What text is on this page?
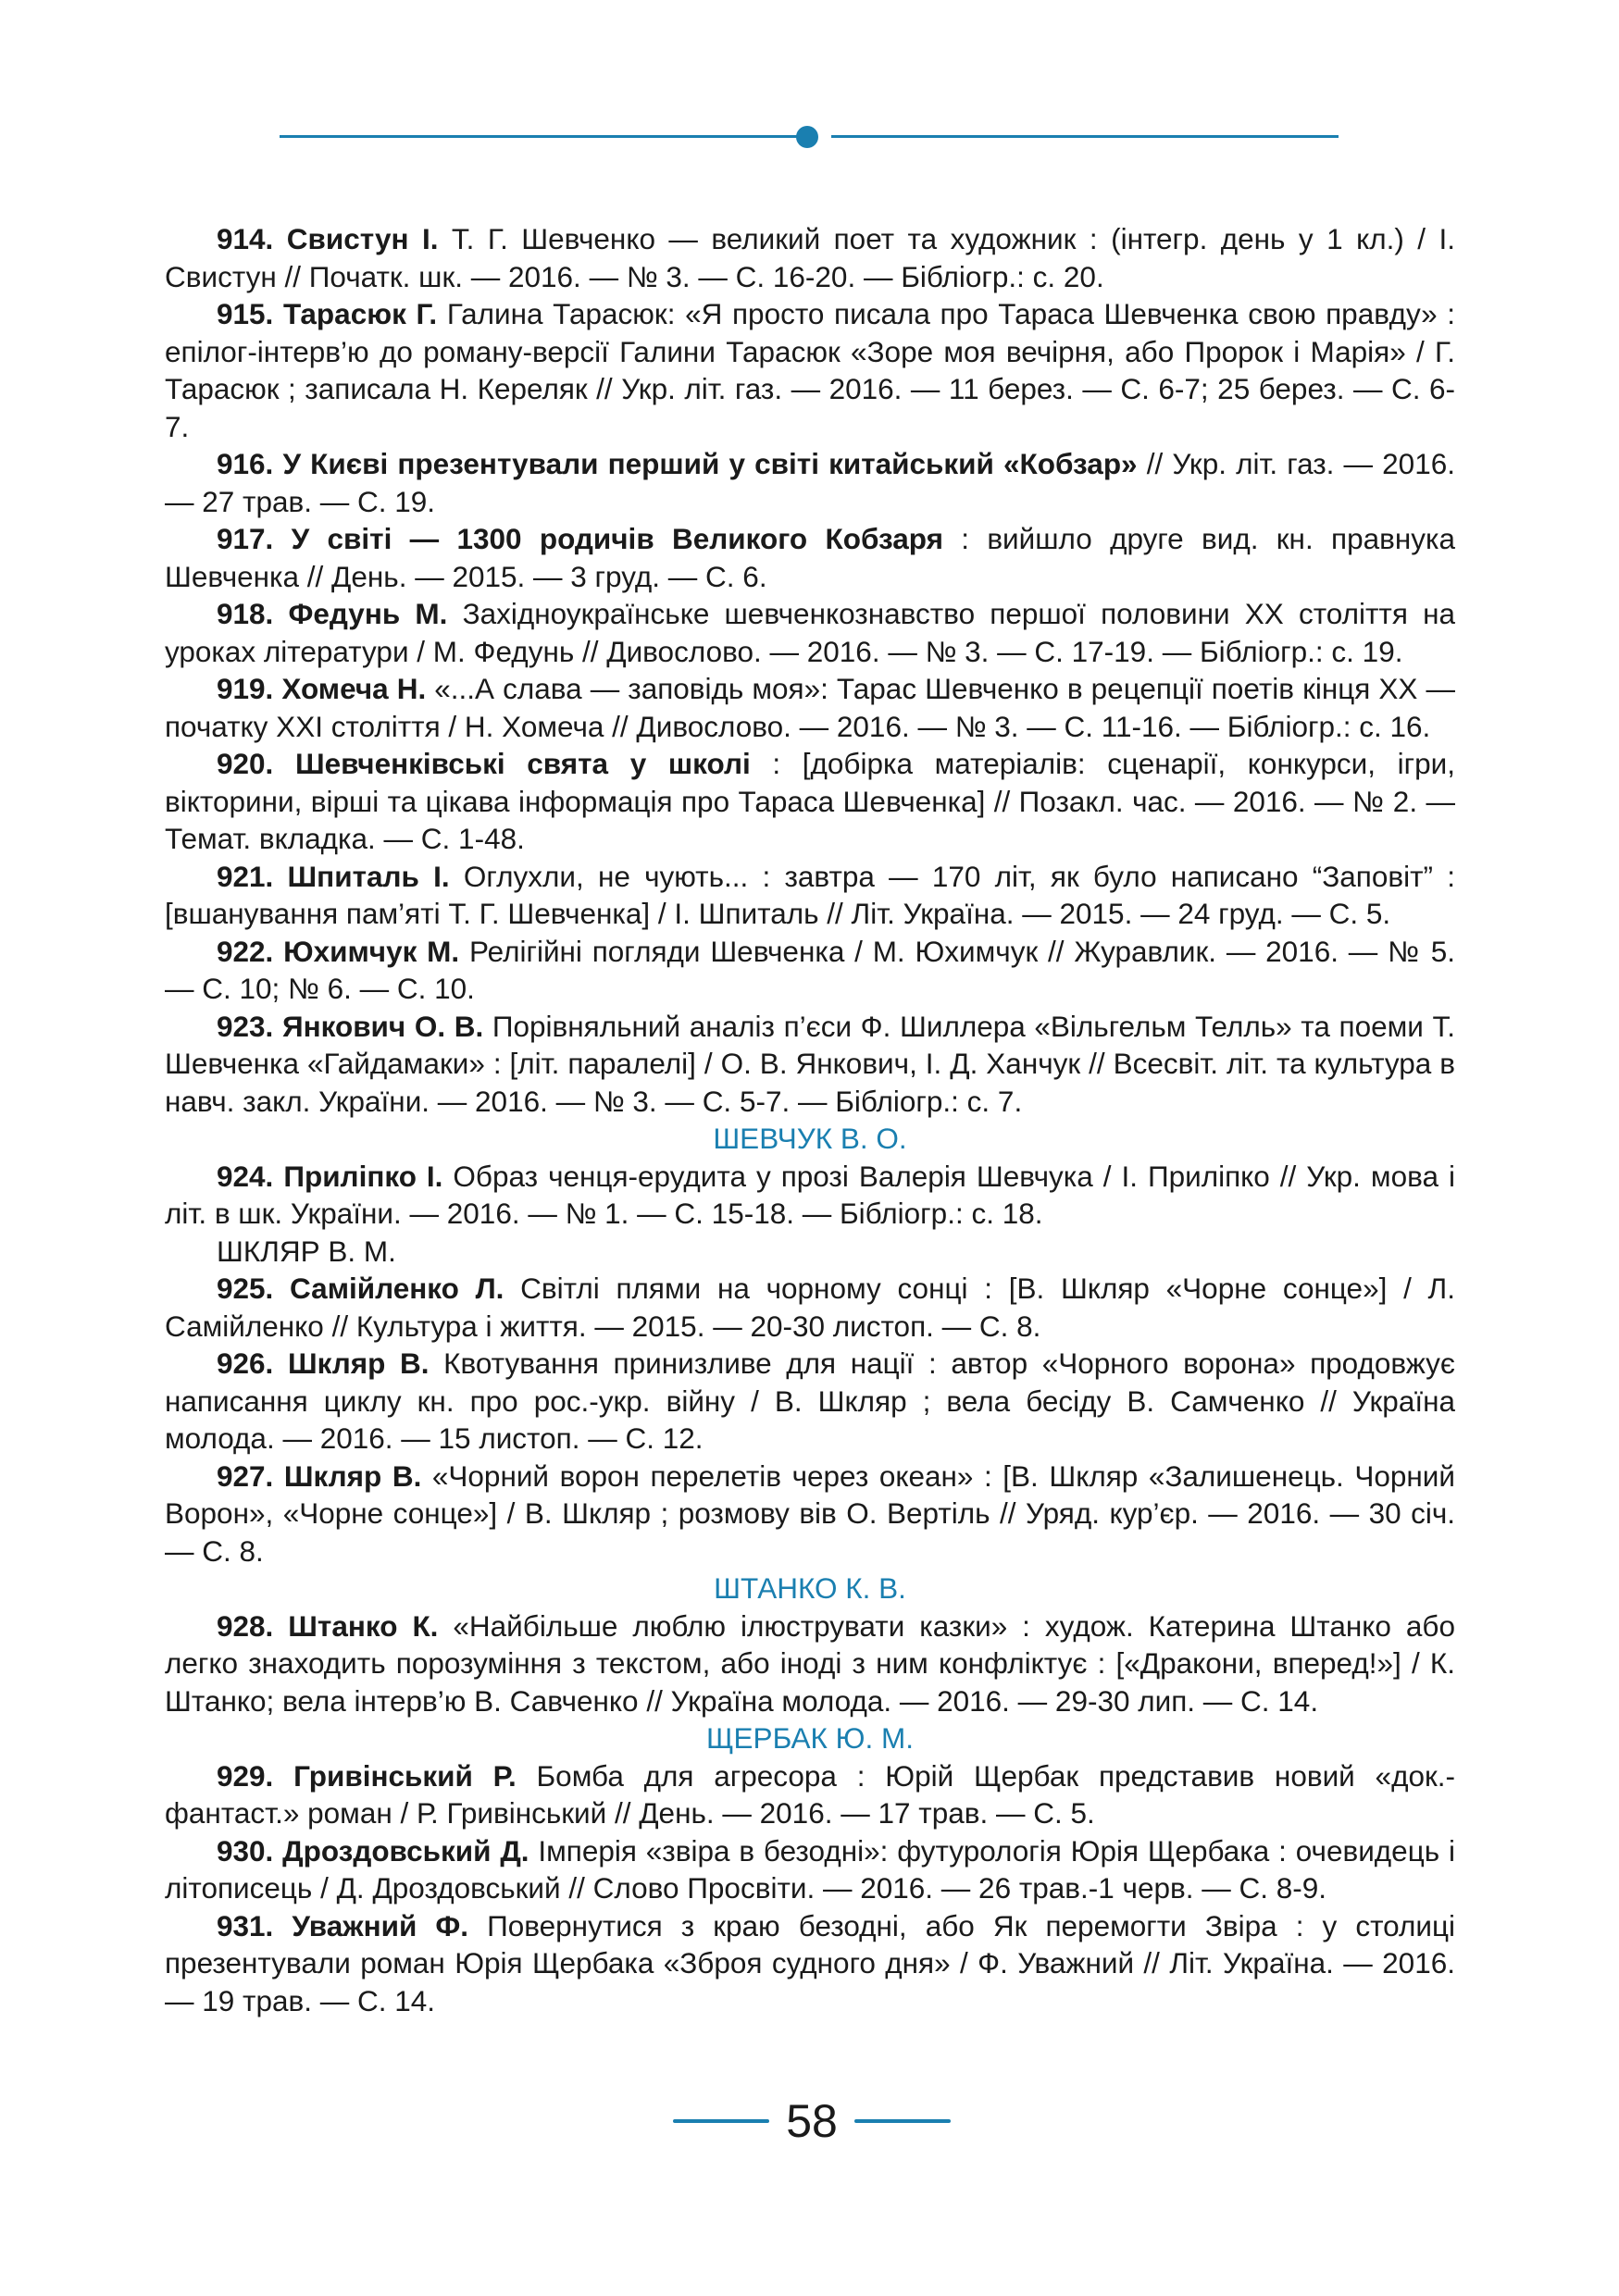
914. Свистун І. Т. Г. Шевченко — великий поет та художник : (інтегр. день у 1 кл.) / І. Свистун // Початк. шк. — 2016. — № 3. — С. 16-20. — Бібліогр.: с. 20.

915. Тарасюк Г. Галина Тарасюк: «Я просто писала про Тараса Шевченка свою правду» : епілог-інтерв’ю до роману-версії Галини Тарасюк «Зоре моя вечірня, або Пророк і Марія» / Г. Тарасюк ; записала Н. Кереляк // Укр. літ. газ. — 2016. — 11 берез. — С. 6-7; 25 берез. — С. 6-7.

916. У Києві презентували перший у світі китайський «Кобзар» // Укр. літ. газ. — 2016. — 27 трав. — С. 19.

917. У світі — 1300 родичів Великого Кобзаря : вийшло друге вид. кн. правнука Шевченка // День. — 2015. — 3 груд. — С. 6.

918. Федунь М. Західноукраїнське шевченкознавство першої половини XX століття на уроках літератури / М. Федунь // Дивослово. — 2016. — № 3. — С. 17-19. — Бібліогр.: с. 19.

919. Хомеча Н. «...А слава — заповідь моя»: Тарас Шевченко в рецепції поетів кінця XX — початку XXI століття / Н. Хомеча // Дивослово. — 2016. — № 3. — С. 11-16. — Бібліогр.: с. 16.

920. Шевченківські свята у школі : [добірка матеріалів: сценарії, конкурси, ігри, вікторини, вірші та цікава інформація про Тараса Шевченка] // Позакл. час. — 2016. — № 2. — Темат. вкладка. — С. 1-48.

921. Шпиталь І. Оглухли, не чують... : завтра — 170 літ, як було написано “Заповіт” : [вшанування пам’яті Т. Г. Шевченка] / І. Шпиталь // Літ. Україна. — 2015. — 24 груд. — С. 5.

922. Юхимчук М. Релігійні погляди Шевченка / М. Юхимчук // Журавлик. — 2016. — № 5. — С. 10; № 6. — С. 10.

923. Янкович О. В. Порівняльний аналіз п’єси Ф. Шиллера «Вільгельм Телль» та поеми Т. Шевченка «Гайдамаки» : [літ. паралелі] / О. В. Янкович, І. Д. Ханчук // Всесвіт. літ. та культура в навч. закл. України. — 2016. — № 3. — С. 5-7. — Бібліогр.: с. 7.

ШЕВЧУК В. О.

924. Приліпко І. Образ ченця-ерудита у прозі Валерія Шевчука / І. Приліпко // Укр. мова і літ. в шк. України. — 2016. — № 1. — С. 15-18. — Бібліогр.: с. 18.

ШКЛЯР В. М.

925. Самійленко Л. Світлі плями на чорному сонці : [В. Шкляр «Чорне сонце»] / Л. Самійленко // Культура і життя. — 2015. — 20-30 листоп. — С. 8.

926. Шкляр В. Квотування принизливе для нації : автор «Чорного ворона» продовжує написання циклу кн. про рос.-укр. війну / В. Шкляр ; вела бесіду В. Самченко // Україна молода. — 2016. — 15 листоп. — С. 12.

927. Шкляр В. «Чорний ворон перелетів через океан» : [В. Шкляр «Залишенець. Чорний Ворон», «Чорне сонце»] / В. Шкляр ; розмову вів О. Вертіль // Уряд. кур’єр. — 2016. — 30 січ. — С. 8.

ШТАНКО К. В.

928. Штанко К. «Найбільше люблю ілюструвати казки» : худож. Катерина Штанко або легко знаходить порозуміння з текстом, або іноді з ним конфліктує : [«Дракони, вперед!»] / К. Штанко; вела інтерв’ю В. Савченко // Україна молода. — 2016. — 29-30 лип. — С. 14.

ЩЕРБАК Ю. М.

929. Гривінський Р. Бомба для агресора : Юрій Щербак представив новий «док.-фантаст.» роман / Р. Гривінський // День. — 2016. — 17 трав. — С. 5.

930. Дроздовський Д. Імперія «звіра в безодні»: футурологія Юрія Щербака : очевидець і літописець / Д. Дроздовський // Слово Просвіти. — 2016. — 26 трав.-1 черв. — С. 8-9.

931. Уважний Ф. Повернутися з краю безодні, або Як перемогти Звіра : у столиці презентували роман Юрія Щербака «Зброя судного дня» / Ф. Уважний // Літ. Україна. — 2016. — 19 трав. — С. 14.

58
